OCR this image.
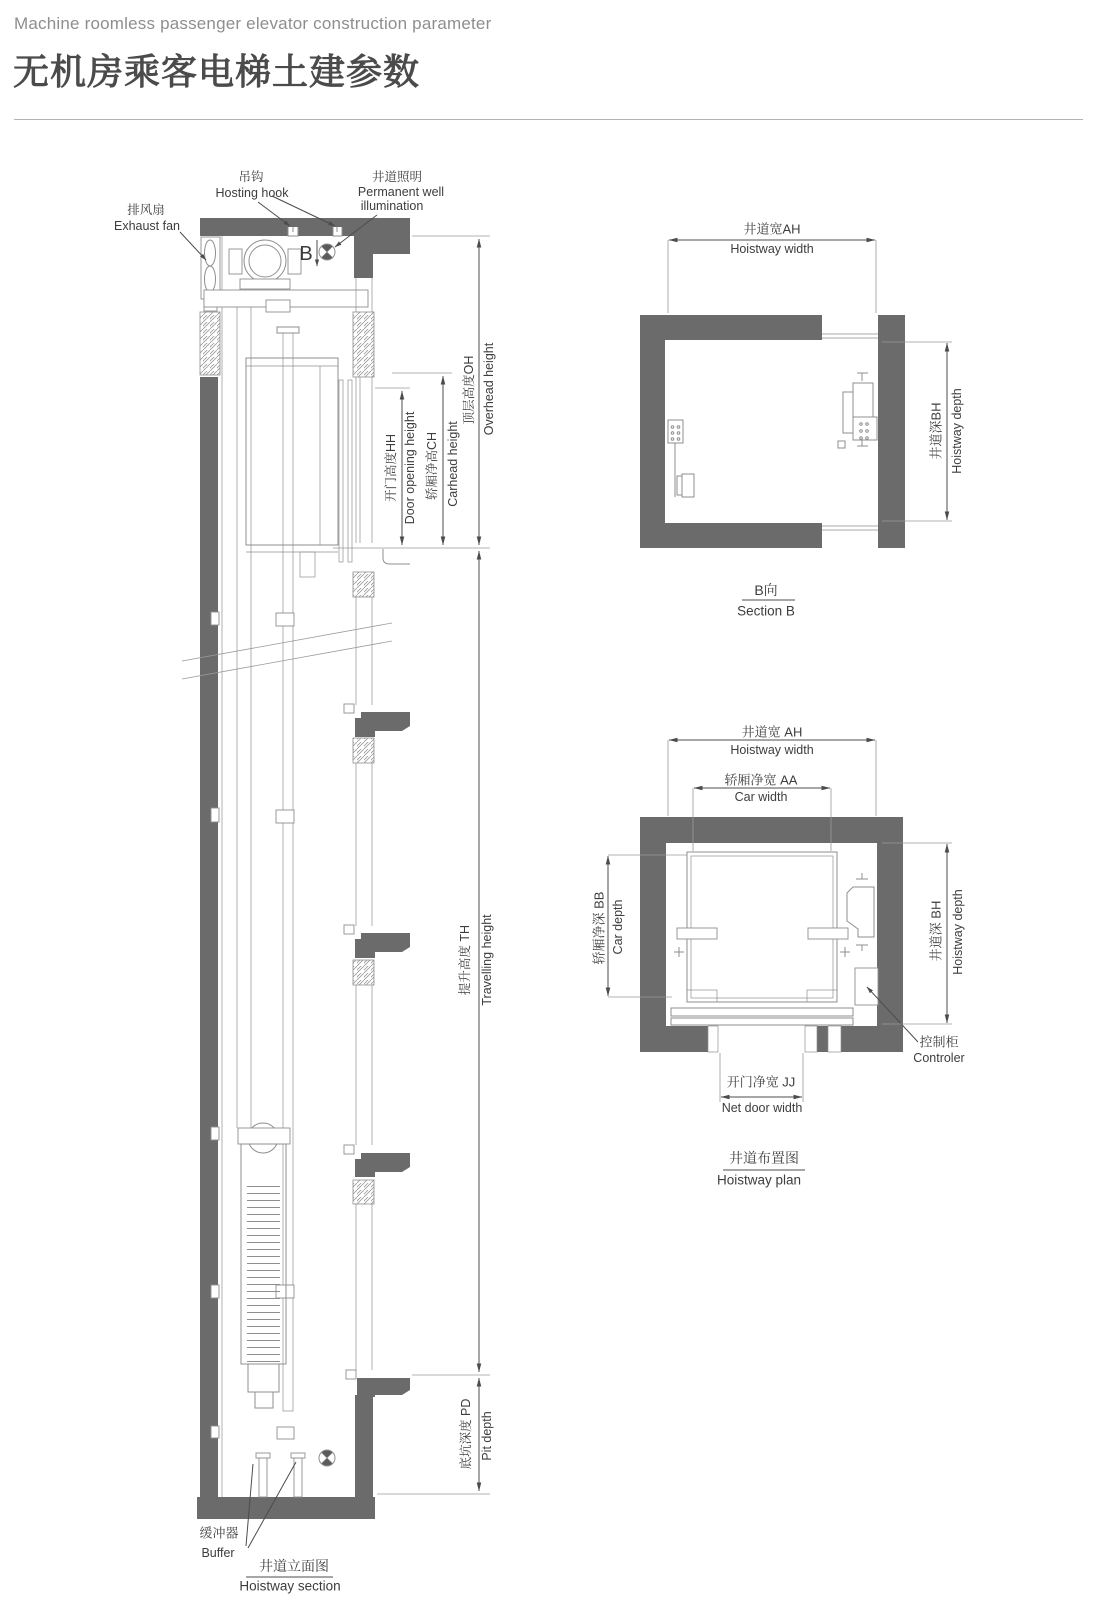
Machine roomless passenger elevator construction parameter
无机房乘客电梯土建参数
排风扇
Exhaust fan
吊钩
Hosting hook
井道照明
Permanent well
illumination
B
开门高度HH Door opening height 轿厢净高CH Carhead height
顶层高度OH Overhead height
提升高度 TH Travelling height
底坑深度 PD Pit depth
缓冲器
Buffer
井道立面图
Hoistway section
井道宽AH
Hoistway width
井道深BH Hoistway depth
B向
Section B
井道宽 AH
Hoistway width
轿厢净宽 AA
Car width
轿厢净深 BB Car depth	井道深 BH Hoistway depth
开门净宽 JJ
Net door width
控制柜
Controler
井道布置图
Hoistway plan
